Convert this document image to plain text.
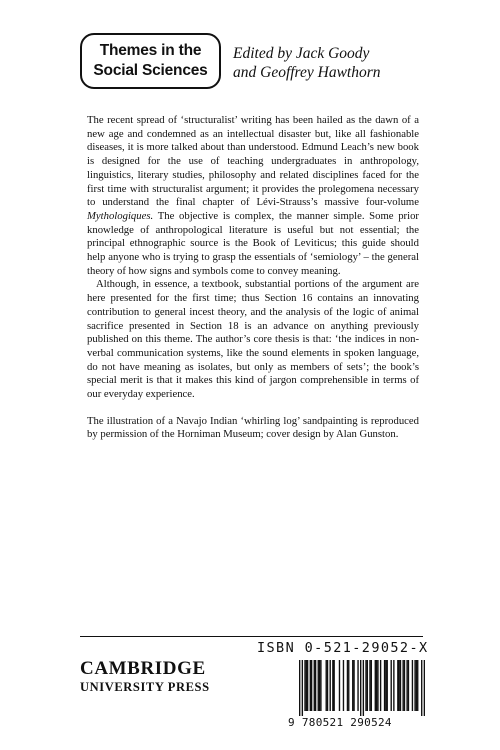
Themes in the
Social Sciences
Edited by Jack Goody
and Geoffrey Hawthorn

The recent spread of ‘structuralist’ writing has been hailed as the dawn of a new age and condemned as an intellectual disaster but, like all fashionable diseases, it is more talked about than understood. Edmund Leach’s new book is designed for the use of teaching undergraduates in anthropology, linguistics, literary studies, philosophy and related disciplines faced for the first time with structuralist argument; it provides the prolegomena necessary to understand the final chapter of Lévi-Strauss’s massive four-volume Mythologiques. The objective is complex, the manner simple. Some prior knowledge of anthropological literature is useful but not essential; the principal ethnographic source is the Book of Leviticus; this guide should help anyone who is trying to grasp the essentials of ‘semiology’ – the general theory of how signs and symbols come to convey meaning.

Although, in essence, a textbook, substantial portions of the argument are here presented for the first time; thus Section 16 contains an innovating contribution to general incest theory, and the analysis of the logic of animal sacrifice presented in Section 18 is an advance on anything previously published on this theme. The author’s core thesis is that: ‘the indices in non-verbal communication systems, like the sound elements in spoken language, do not have meaning as isolates, but only as members of sets’; the book’s special merit is that it makes this kind of jargon comprehensible in terms of our everyday experience.

The illustration of a Navajo Indian ‘whirling log’ sandpainting is reproduced by permission of the Horniman Museum; cover design by Alan Gunston.

CAMBRIDGE
UNIVERSITY PRESS
ISBN 0-521-29052-X
9 780521 290524
